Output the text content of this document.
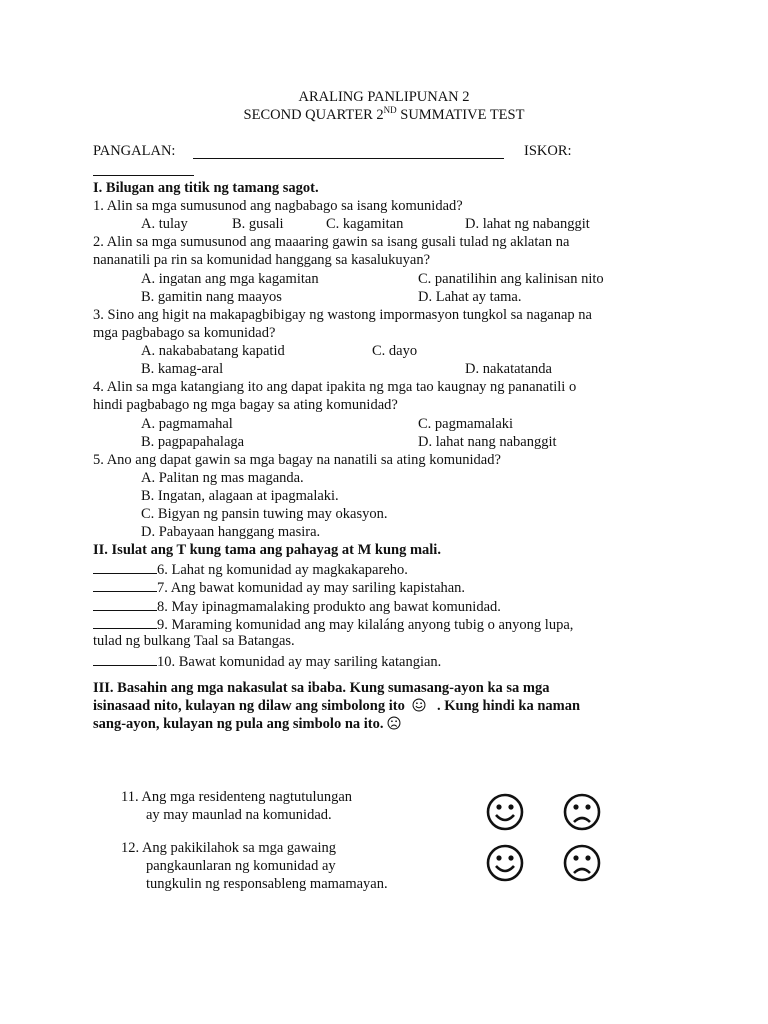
ARALING PANLIPUNAN 2
SECOND QUARTER 2ND SUMMATIVE TEST
PANGALAN:	ISKOR:
I. Bilugan ang titik ng tamang sagot.
1. Alin sa mga sumusunod ang nagbabago sa isang komunidad?
A. tulay	B. gusali	C. kagamitan	D. lahat ng nabanggit
2. Alin sa mga sumusunod ang maaaring gawin sa isang gusali tulad ng aklatan na
nananatili pa rin sa komunidad hanggang sa kasalukuyan?
A. ingatan ang mga kagamitan	C. panatilihin ang kalinisan nito
B. gamitin nang maayos	D. Lahat ay tama.
3. Sino ang higit na makapagbibigay ng wastong impormasyon tungkol sa naganap na
mga pagbabago sa komunidad?
A. nakababatang kapatid	C. dayo
B. kamag-aral	D. nakatatanda
4. Alin sa mga katangiang ito ang dapat ipakita ng mga tao kaugnay ng pananatili o
hindi pagbabago ng mga bagay sa ating komunidad?
A. pagmamahal	C. pagmamalaki
B. pagpapahalaga	D. lahat nang nabanggit
5. Ano ang dapat gawin sa mga bagay na nanatili sa ating komunidad?
A. Palitan ng mas maganda.
B. Ingatan, alagaan at ipagmalaki.
C. Bigyan ng pansin tuwing may okasyon.
D. Pabayaan hanggang masira.
II. Isulat ang T kung tama ang pahayag at M kung mali.
6. Lahat ng komunidad ay magkakapareho.
7. Ang bawat komunidad ay may sariling kapistahan.
8. May ipinagmamalaking produkto ang bawat komunidad.
9. Maraming komunidad ang may kilaláng anyong tubig o anyong lupa,
tulad ng bulkang Taal sa Batangas.
10. Bawat komunidad ay may sariling katangian.
III. Basahin ang mga nakasulat sa ibaba. Kung sumasang-ayon ka sa mga
isinasaad nito, kulayan ng dilaw ang simbolong ito . Kung hindi ka naman
sang-ayon, kulayan ng pula ang simbolo na ito.
11. Ang mga residenteng nagtutulungan
ay may maunlad na komunidad.
12. Ang pakikilahok sa mga gawaing
pangkaunlaran ng komunidad ay
tungkulin ng responsableng mamamayan.
